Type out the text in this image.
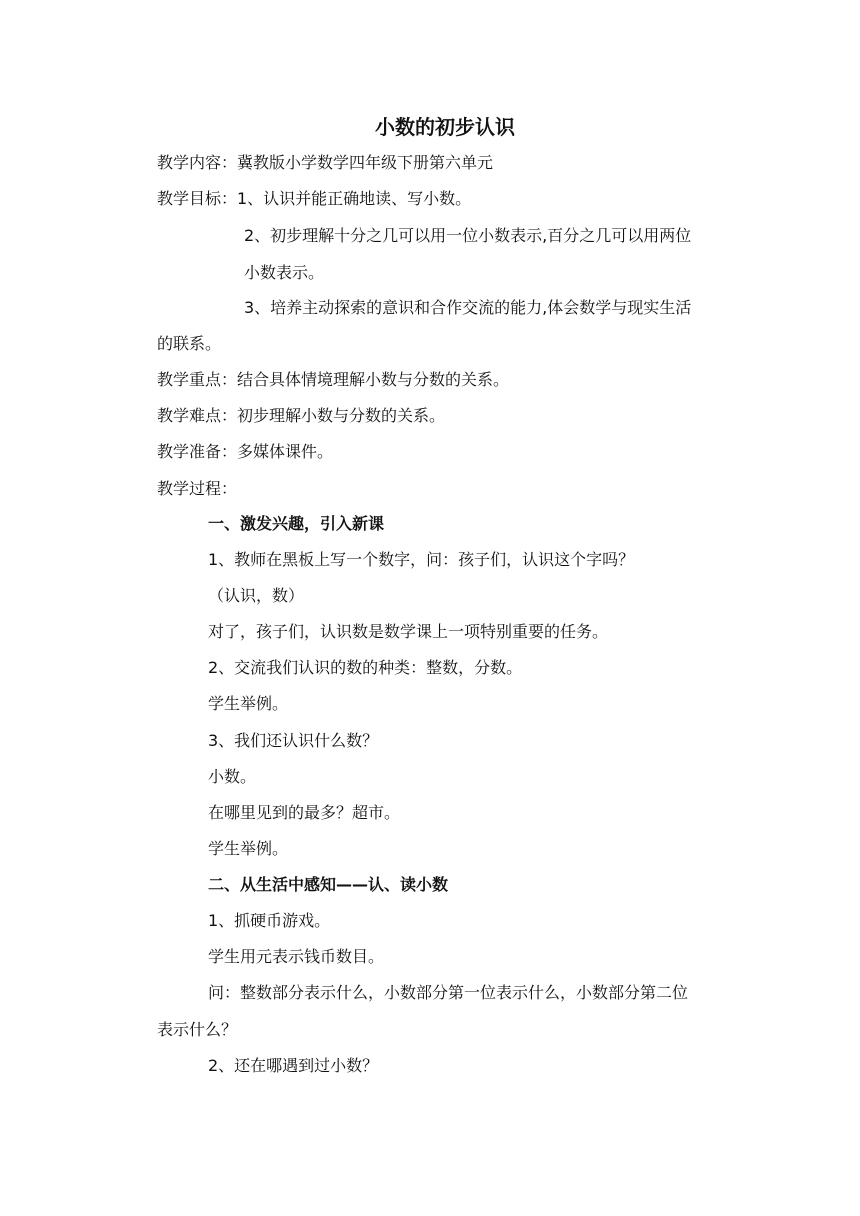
小数的初步认识
教学内容：冀教版小学数学四年级下册第六单元
教学目标：1、认识并能正确地读、写小数。
2、初步理解十分之几可以用一位小数表示,百分之几可以用两位
小数表示。
3、培养主动探索的意识和合作交流的能力,体会数学与现实生活
的联系。
教学重点：结合具体情境理解小数与分数的关系。
教学难点：初步理解小数与分数的关系。
教学准备：多媒体课件。
教学过程：
一、激发兴趣，引入新课
1、教师在黑板上写一个数字，问：孩子们，认识这个字吗？
（认识，数）
对了，孩子们，认识数是数学课上一项特别重要的任务。
2、交流我们认识的数的种类：整数，分数。
学生举例。
3、我们还认识什么数？
小数。
在哪里见到的最多？超市。
学生举例。
二、从生活中感知——认、读小数
1、抓硬币游戏。
学生用元表示钱币数目。
问：整数部分表示什么，小数部分第一位表示什么，小数部分第二位
表示什么？
2、还在哪遇到过小数？
